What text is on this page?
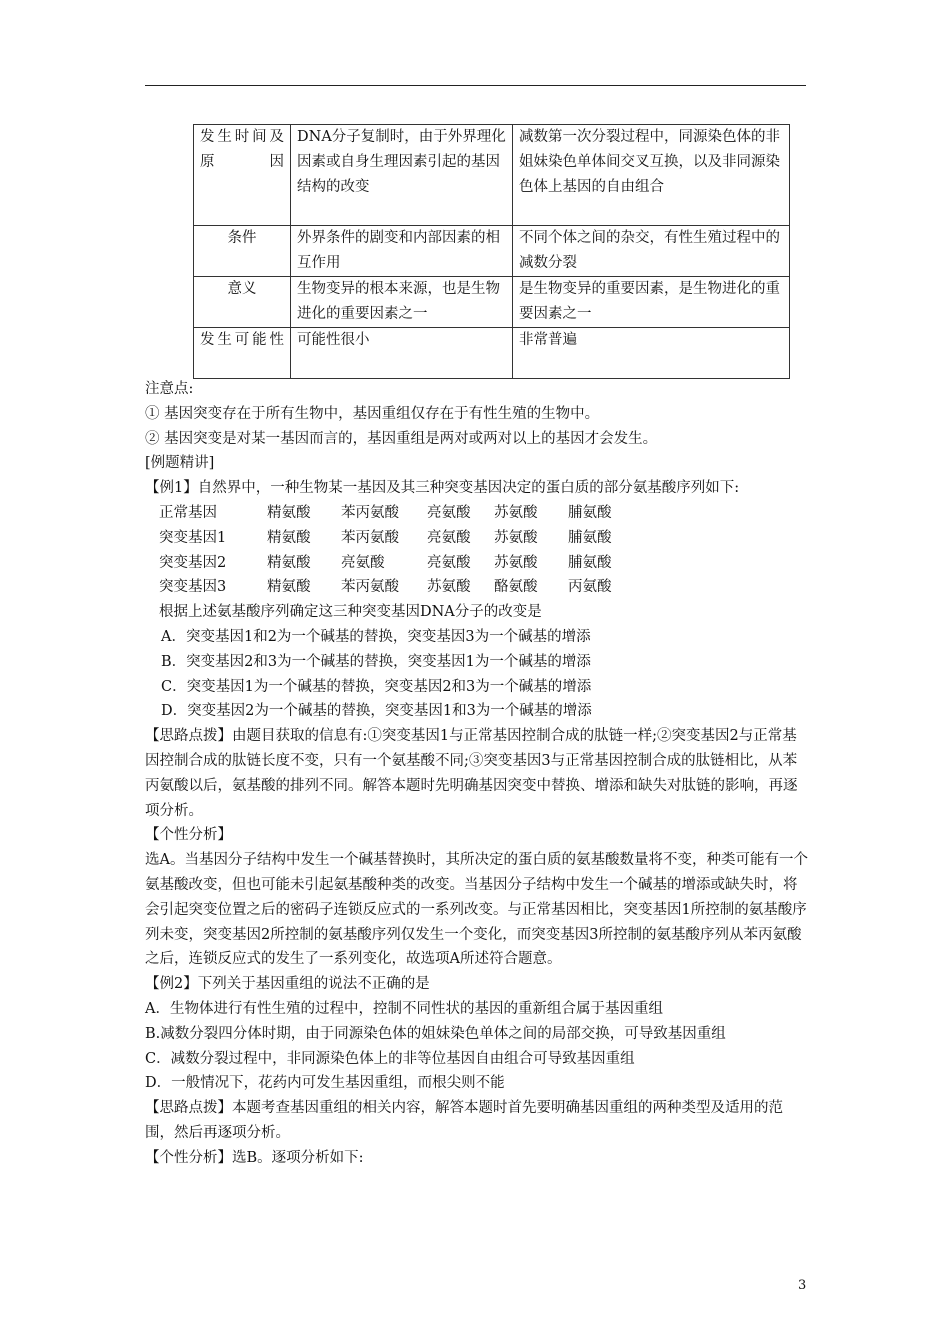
发生时间及原因	DNA分子复制时，由于外界理化因素或自身生理因素引起的基因结构的改变	减数第一次分裂过程中，同源染色体的非姐妹染色单体间交叉互换，以及非同源染色体上基因的自由组合
条件	外界条件的剧变和内部因素的相互作用	不同个体之间的杂交，有性生殖过程中的减数分裂
意义	生物变异的根本来源，也是生物进化的重要因素之一	是生物变异的重要因素，是生物进化的重要因素之一
发生可能性	可能性很小	非常普遍

注意点:

① 基因突变存在于所有生物中，基因重组仅存在于有性生殖的生物中。

② 基因突变是对某一基因而言的，基因重组是两对或两对以上的基因才会发生。

[例题精讲]

【例1】自然界中，一种生物某一基因及其三种突变基因决定的蛋白质的部分氨基酸序列如下:

正常基因	精氨酸 苯丙氨酸 亮氨酸 苏氨酸 脯氨酸

突变基因1	精氨酸 苯丙氨酸 亮氨酸 苏氨酸 脯氨酸

突变基因2	精氨酸 亮氨酸	亮氨酸 苏氨酸 脯氨酸

突变基因3	精氨酸 苯丙氨酸 苏氨酸 酪氨酸 丙氨酸

根据上述氨基酸序列确定这三种突变基因DNA分子的改变是

A．突变基因1和2为一个碱基的替换，突变基因3为一个碱基的增添

B．突变基因2和3为一个碱基的替换，突变基因1为一个碱基的增添

C．突变基因1为一个碱基的替换，突变基因2和3为一个碱基的增添

D．突变基因2为一个碱基的替换，突变基因1和3为一个碱基的增添

【思路点拨】由题目获取的信息有:①突变基因1与正常基因控制合成的肽链一样;②突变基因2与正常基因控制合成的肽链长度不变，只有一个氨基酸不同;③突变基因3与正常基因控制合成的肽链相比，从苯丙氨酸以后，氨基酸的排列不同。解答本题时先明确基因突变中替换、增添和缺失对肽链的影响，再逐项分析。

【个性分析】

选A。当基因分子结构中发生一个碱基替换时，其所决定的蛋白质的氨基酸数量将不变，种类可能有一个氨基酸改变，但也可能未引起氨基酸种类的改变。当基因分子结构中发生一个碱基的增添或缺失时，将会引起突变位置之后的密码子连锁反应式的一系列改变。与正常基因相比，突变基因1所控制的氨基酸序列未变，突变基因2所控制的氨基酸序列仅发生一个变化，而突变基因3所控制的氨基酸序列从苯丙氨酸之后，连锁反应式的发生了一系列变化，故选项A所述符合题意。

【例2】下列关于基因重组的说法不正确的是

A．生物体进行有性生殖的过程中，控制不同性状的基因的重新组合属于基因重组

B.减数分裂四分体时期，由于同源染色体的姐妹染色单体之间的局部交换，可导致基因重组

C．减数分裂过程中，非同源染色体上的非等位基因自由组合可导致基因重组

D．一般情况下，花药内可发生基因重组，而根尖则不能

【思路点拨】本题考查基因重组的相关内容，解答本题时首先要明确基因重组的两种类型及适用的范围，然后再逐项分析。

【个性分析】选B。逐项分析如下:

3
